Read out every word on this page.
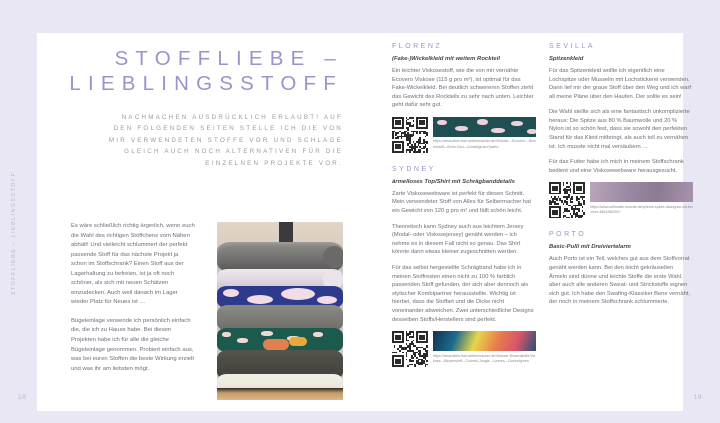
STOFFLIEBE –
LIEBLINGSSTOFF
NACHMACHEN AUSDRÜCKLICH ERLAUBT! AUF DEN FOLGENDEN SEITEN STELLE ICH DIE VON MIR VERWENDETEN STOFFE VOR UND SCHLAGE GLEICH AUCH NOCH ALTERNATIVEN FÜR DIE EINZELNEN PROJEKTE VOR.

Es wäre schließlich richtig ärgerlich, wenn euch die Wahl des richtigen Stöffchens vom Nähen abhält! Und vielleicht schlummert der perfekt passende Stoff für das nächste Projekt ja schon im Stoffschrank? Einen Stoff aus der Lagerhaltung zu befreien, ist ja oft noch schöner, als sich mit neuen Schätzen einzudecken. Auch weil danach im Lager wieder Platz für Neues ist …

Bügeleinlage verwende ich persönlich einfach die, die ich zu Hause habe. Bei diesen Projekten habe ich für alle die gleiche Bügeleinlage genommen. Probiert einfach aus, was bei euren Stoffen die beste Wirkung erzielt und was ihr am liebsten mögt.

STOFFLIEBE – LIEBLINGSSTOFF
18
FLORENZ
(Fake-)Wickelkleid mit weitem Rockteil

Ein leichter Viskosestoff, wie die von mir vernähte Ecovero Viskose (115 g pro m²), ist optimal für das Fake-Wickelkleid. Bei deutlich schwereren Stoffen zieht das Gewicht des Rockteils zu sehr nach unten. Leichter geht dafür sehr gut.

https://www.alles-fuer-selbermacher.de/Viskose---Ecovero---Blusenstoff---Boho-Geo---Dunkelgruen?path=
SYDNEY
ärmelloses Top/Shirt mit Schrägbanddetails

Zarte Viskosewebware ist perfekt für diesen Schnitt. Mein verwendeter Stoff von Alles für Selbermacher hat ein Gewicht von 120 g pro m² und fällt schön leicht.

Theoretisch kann Sydney auch aus leichtem Jersey (Modal- oder Viskosejersey) genäht werden – ich nehme es in diesem Fall nicht so genau. Das Shirt könnte dann etwas kleiner zugeschnitten werden.

Für das selbst hergestellte Schrägband habe ich in meinen Stoffresten einen nicht zu 100 % farblich passenden Stoff gefunden, der sich aber dennoch als stylischer Kombipartner herausstellte. Wichtig ist hierbei, dass die Stoffart und die Dicke nicht voneinander abweichen. Zwei unterschiedliche Designs desselben Stoffs/Herstellers sind perfekt.

https://www.alles-fuer-selbermacher.de/Viskose-Blusenstoffe/Viskose---Blusenstoff---Colorful-Jungle---Leaves---Dunkelgruen
SEVILLA
Spitzenkleid

Für das Spitzenkleid wollte ich eigentlich eine Lochspitze oder Musselin mit Lochstickerei verwenden. Dann lief mir der graue Stoff über den Weg und ich warf all meine Pläne über den Haufen. Der sollte es sein!

Die Wahl stellte sich als eine fantastisch unkomplizierte heraus: Die Spitze aus 80 % Baumwolle und 20 % Nylon ist so schön fest, dass sie sowohl den perfekten Stand für das Kleid mitbringt, als auch toll zu vernähen ist. Ich musste nicht mal versäubern …

Für das Futter habe ich mich in meinem Stoffschrank bedient und eine Viskosewebware herausgesucht.

https://www.selfmade.com/de-de/p/feste-spitze-daubgrau-mit-blu-men-4861/66039?
PORTO
Basic-Pulli mit Dreiviertelarm

Auch Porto ist ein Teil, welches gut aus dem Stoffvorrat genäht werden kann. Bei den leicht gekräuselten Ärmeln sind dünne und leichte Stoffe die erste Wahl, aber auch alle anderen Sweat- und Strickstoffe eignen sich gut. Ich habe den Swafing-Klassiker Bene vernäht, der noch in meinem Stoffschrank schlummerte.

19
